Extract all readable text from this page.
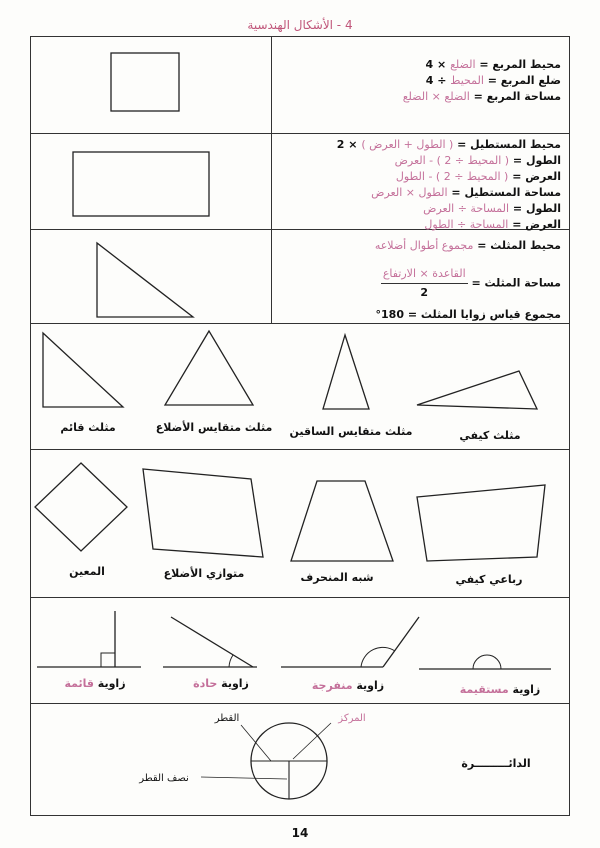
4 - الأشكال الهندسية
محيط المربع = الضلع × 4
ضلع المربع = المحيط ÷ 4
مساحة المربع = الضلع × الضلع
محيط المستطيل = ( الطول + العرض ) × 2
الطول = ( المحيط ÷ 2 ) - العرض
العرض = ( المحيط ÷ 2 ) - الطول
مساحة المستطيل = الطول × العرض
الطول = المساحة ÷ العرض
العرض = المساحة ÷ الطول
محيط المثلث = مجموع أطوال أضلاعه
مساحة المثلث =
$\frac{\text{القاعدة × الارتفاع}}{2}$
مجموع قياس زوايا المثلث = 180°
مثلث قائم	مثلث متقايس الأضلاع	مثلث متقايس الساقين	مثلث كيفي
المعين	متوازي الأضلاع	شبه المنحرف	رباعي كيفي
زاوية قائمة	زاوية حادة	زاوية منفرجة	زاوية مستقيمة
القطر	المركز
نصف القطر
الدائـــــــــرة
14
